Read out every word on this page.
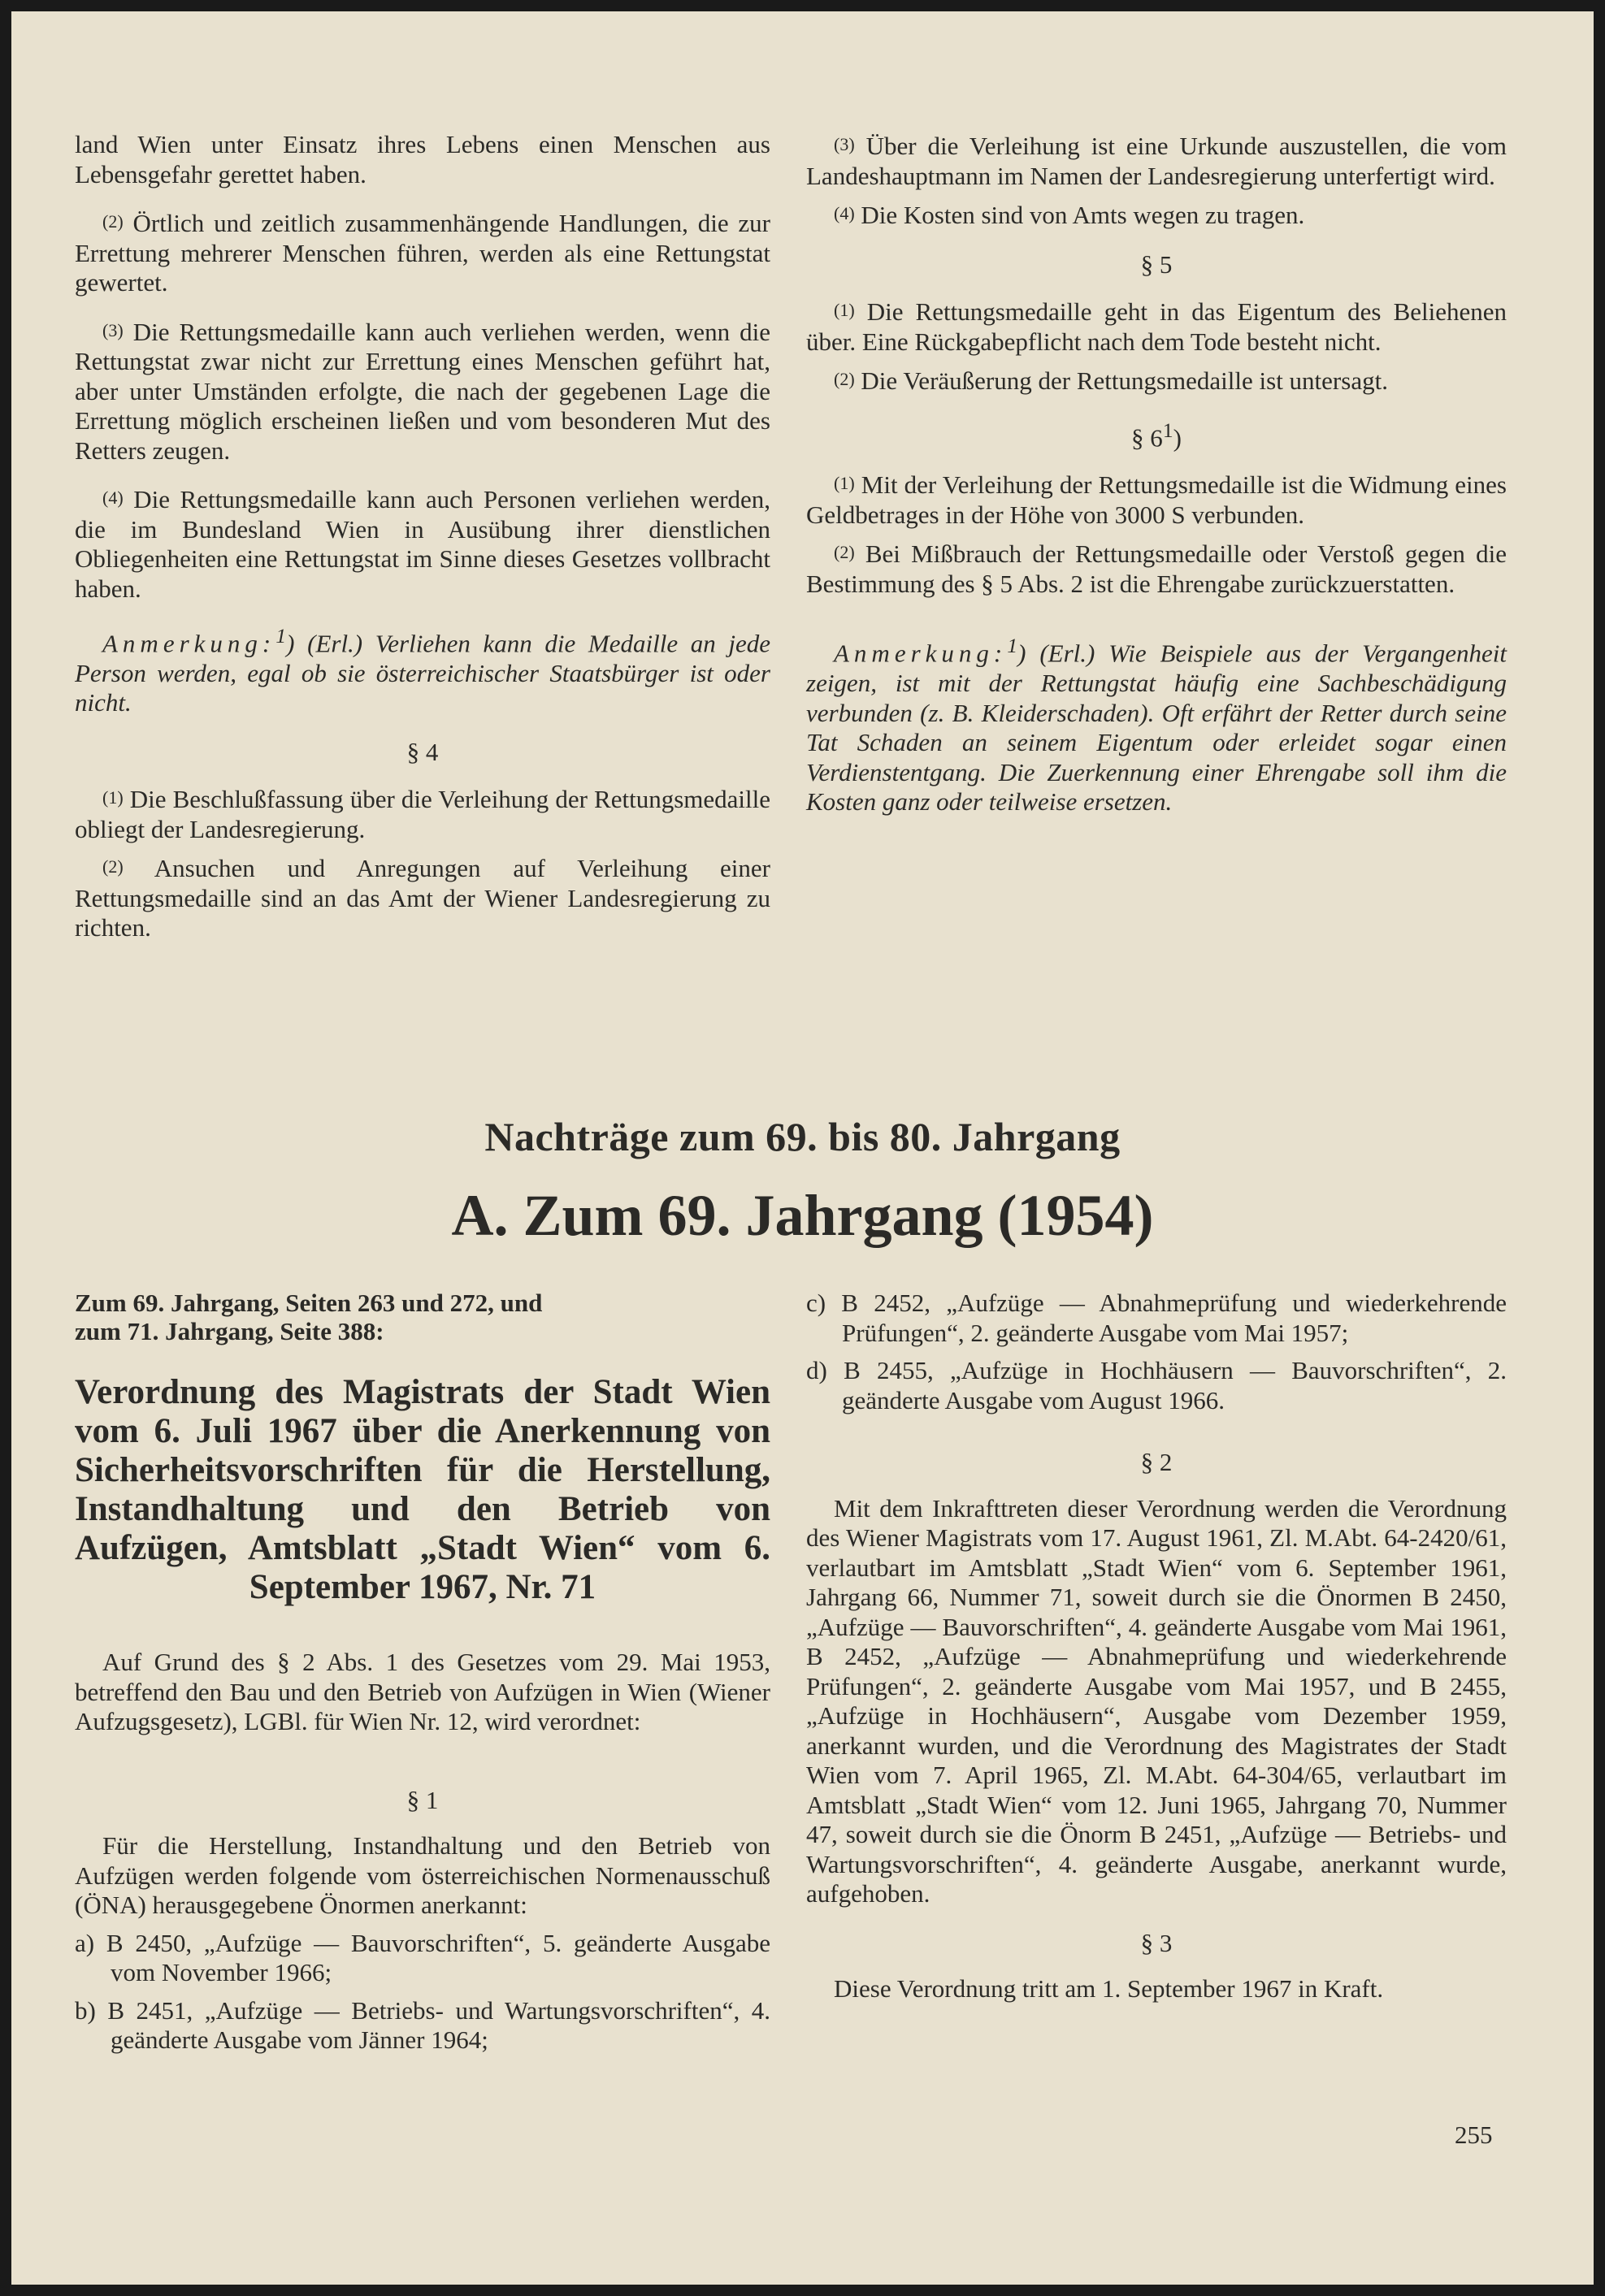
land Wien unter Einsatz ihres Lebens einen Menschen aus Lebensgefahr gerettet haben.

$^{(2)}$ Örtlich und zeitlich zusammenhängende Handlungen, die zur Errettung mehrerer Menschen führen, werden als eine Rettungstat gewertet.

$^{(3)}$ Die Rettungsmedaille kann auch verliehen werden, wenn die Rettungstat zwar nicht zur Errettung eines Menschen geführt hat, aber unter Umständen erfolgte, die nach der gegebenen Lage die Errettung möglich erscheinen ließen und vom besonderen Mut des Retters zeugen.

$^{(4)}$ Die Rettungsmedaille kann auch Personen verliehen werden, die im Bundesland Wien in Ausübung ihrer dienstlichen Obliegenheiten eine Rettungstat im Sinne dieses Gesetzes vollbracht haben.

Anmerkung:$^1$) (Erl.) Verliehen kann die Medaille an jede Person werden, egal ob sie österreichischer Staatsbürger ist oder nicht.

§ 4

$^{(1)}$ Die Beschlußfassung über die Verleihung der Rettungsmedaille obliegt der Landesregierung.

$^{(2)}$ Ansuchen und Anregungen auf Verleihung einer Rettungsmedaille sind an das Amt der Wiener Landesregierung zu richten.

$^{(3)}$ Über die Verleihung ist eine Urkunde auszustellen, die vom Landeshauptmann im Namen der Landesregierung unterfertigt wird.

$^{(4)}$ Die Kosten sind von Amts wegen zu tragen.

§ 5

$^{(1)}$ Die Rettungsmedaille geht in das Eigentum des Beliehenen über. Eine Rückgabepflicht nach dem Tode besteht nicht.

$^{(2)}$ Die Veräußerung der Rettungsmedaille ist untersagt.

§ $6^1$)

$^{(1)}$ Mit der Verleihung der Rettungsmedaille ist die Widmung eines Geldbetrages in der Höhe von 3000 S verbunden.

$^{(2)}$ Bei Mißbrauch der Rettungsmedaille oder Verstoß gegen die Bestimmung des § 5 Abs. 2 ist die Ehrengabe zurückzuerstatten.

Anmerkung:$^1$) (Erl.) Wie Beispiele aus der Vergangenheit zeigen, ist mit der Rettungstat häufig eine Sachbeschädigung verbunden (z. B. Kleiderschaden). Oft erfährt der Retter durch seine Tat Schaden an seinem Eigentum oder erleidet sogar einen Verdienstentgang. Die Zuerkennung einer Ehrengabe soll ihm die Kosten ganz oder teilweise ersetzen.

Nachträge zum 69. bis 80. Jahrgang
A. Zum 69. Jahrgang (1954)

Zum 69. Jahrgang, Seiten 263 und 272, und

zum 71. Jahrgang, Seite 388:

Verordnung des Magistrats der Stadt Wien vom 6. Juli 1967 über die Anerkennung von Sicherheitsvorschriften für die Herstellung, Instandhaltung und den Betrieb von Aufzügen, Amtsblatt „Stadt Wien“ vom 6. September 1967, Nr. 71

Auf Grund des § 2 Abs. 1 des Gesetzes vom 29. Mai 1953, betreffend den Bau und den Betrieb von Aufzügen in Wien (Wiener Aufzugsgesetz), LGBl. für Wien Nr. 12, wird verordnet:

§ 1

Für die Herstellung, Instandhaltung und den Betrieb von Aufzügen werden folgende vom österreichischen Normenausschuß (ÖNA) herausgegebene Önormen anerkannt:

a) B 2450, „Aufzüge — Bauvorschriften“, 5. geänderte Ausgabe vom November 1966;

b) B 2451, „Aufzüge — Betriebs- und Wartungsvorschriften“, 4. geänderte Ausgabe vom Jänner 1964;

c) B 2452, „Aufzüge — Abnahmeprüfung und wiederkehrende Prüfungen“, 2. geänderte Ausgabe vom Mai 1957;

d) B 2455, „Aufzüge in Hochhäusern — Bauvorschriften“, 2. geänderte Ausgabe vom August 1966.

§ 2

Mit dem Inkrafttreten dieser Verordnung werden die Verordnung des Wiener Magistrats vom 17. August 1961, Zl. M.Abt. 64-2420/61, verlautbart im Amtsblatt „Stadt Wien“ vom 6. September 1961, Jahrgang 66, Nummer 71, soweit durch sie die Önormen B 2450, „Aufzüge — Bauvorschriften“, 4. geänderte Ausgabe vom Mai 1961, B 2452, „Aufzüge — Abnahmeprüfung und wiederkehrende Prüfungen“, 2. geänderte Ausgabe vom Mai 1957, und B 2455, „Aufzüge in Hochhäusern“, Ausgabe vom Dezember 1959, anerkannt wurden, und die Verordnung des Magistrates der Stadt Wien vom 7. April 1965, Zl. M.Abt. 64-304/65, verlautbart im Amtsblatt „Stadt Wien“ vom 12. Juni 1965, Jahrgang 70, Nummer 47, soweit durch sie die Önorm B 2451, „Aufzüge — Betriebs- und Wartungsvorschriften“, 4. geänderte Ausgabe, anerkannt wurde, aufgehoben.

§ 3

Diese Verordnung tritt am 1. September 1967 in Kraft.

255
